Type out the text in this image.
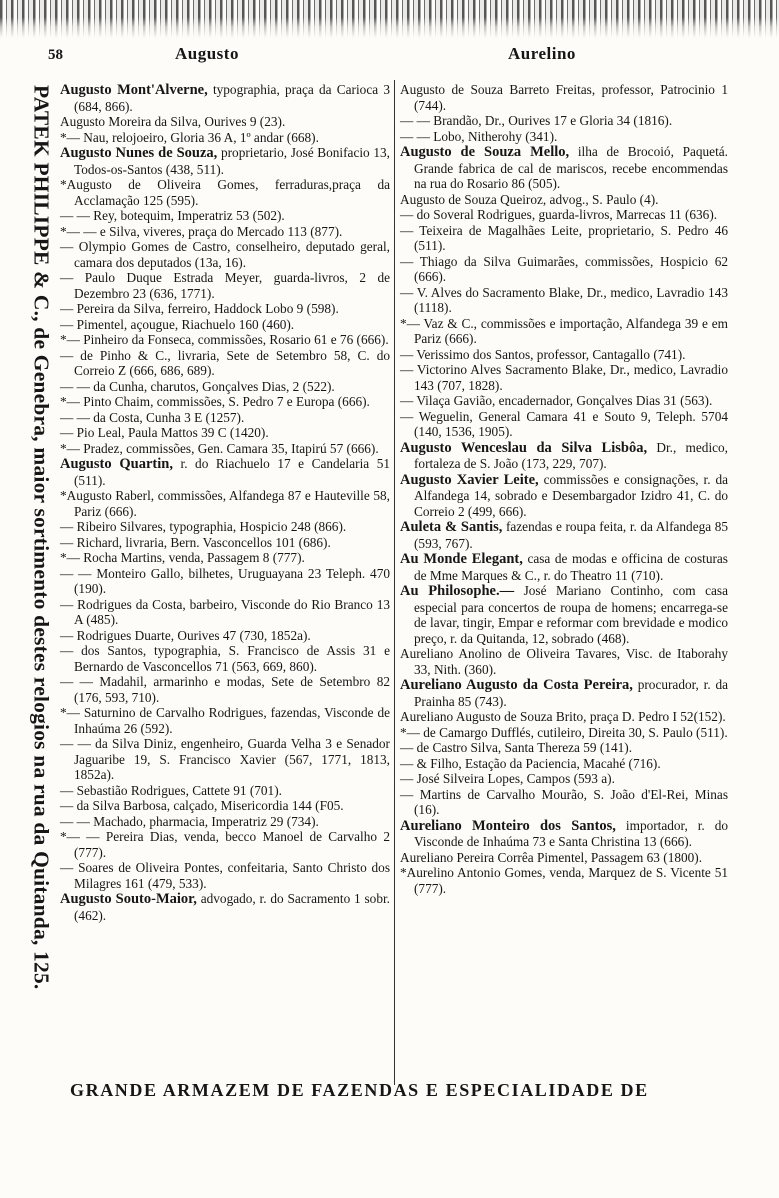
58	Augusto	Aurelino
PATEK PHILIPPE & C., de Genebra, maior sortimento destes relogios na rua da Quitanda, 125. Augusto Mont'Alverne, typographia, praça da Carioca 3 (684, 866).

Augusto Moreira da Silva, Ourives 9 (23).

*— Nau, relojoeiro, Gloria 36 A, 1º andar (668).

Augusto Nunes de Souza, proprietario, José Bonifacio 13, Todos-os-Santos (438, 511).

*Augusto de Oliveira Gomes, ferraduras,praça da Acclamação 125 (595).

— — Rey, botequim, Imperatriz 53 (502).

*— — e Silva, viveres, praça do Mercado 113 (877).

— Olympio Gomes de Castro, conselheiro, deputado geral, camara dos deputados (13a, 16).

— Paulo Duque Estrada Meyer, guarda-livros, 2 de Dezembro 23 (636, 1771).

— Pereira da Silva, ferreiro, Haddock Lobo 9 (598).

— Pimentel, açougue, Riachuelo 160 (460).

*— Pinheiro da Fonseca, commissões, Rosario 61 e 76 (666).

— de Pinho & C., livraria, Sete de Setembro 58, C. do Correio Z (666, 686, 689).

— — da Cunha, charutos, Gonçalves Dias, 2 (522).

*— Pinto Chaim, commissões, S. Pedro 7 e Europa (666).

— — da Costa, Cunha 3 E (1257).

— Pio Leal, Paula Mattos 39 C (1420).

*— Pradez, commissões, Gen. Camara 35, Itapirú 57 (666).

Augusto Quartin, r. do Riachuelo 17 e Candelaria 51 (511).

*Augusto Raberl, commissões, Alfandega 87 e Hauteville 58, Pariz (666).

— Ribeiro Silvares, typographia, Hospicio 248 (866).

— Richard, livraria, Bern. Vasconcellos 101 (686).

*— Rocha Martins, venda, Passagem 8 (777).

— — Monteiro Gallo, bilhetes, Uruguayana 23 Teleph. 470 (190).

— Rodrigues da Costa, barbeiro, Visconde do Rio Branco 13 A (485).

— Rodrigues Duarte, Ourives 47 (730, 1852a).

— dos Santos, typographia, S. Francisco de Assis 31 e Bernardo de Vasconcellos 71 (563, 669, 860).

— — Madahil, armarinho e modas, Sete de Setembro 82 (176, 593, 710).

*— Saturnino de Carvalho Rodrigues, fazendas, Visconde de Inhaúma 26 (592).

— — da Silva Diniz, engenheiro, Guarda Velha 3 e Senador Jaguaribe 19, S. Francisco Xavier (567, 1771, 1813, 1852a).

— Sebastião Rodrigues, Cattete 91 (701).

— da Silva Barbosa, calçado, Misericordia 144 (F05.

— — Machado, pharmacia, Imperatriz 29 (734).

*— — Pereira Dias, venda, becco Manoel de Carvalho 2 (777).

— Soares de Oliveira Pontes, confeitaria, Santo Christo dos Milagres 161 (479, 533).

Augusto Souto-Maior, advogado, r. do Sacramento 1 sobr. (462).

Augusto de Souza Barreto Freitas, professor, Patrocinio 1 (744).

— — Brandão, Dr., Ourives 17 e Gloria 34 (1816).

— — Lobo, Nitherohy (341).

Augusto de Souza Mello, ilha de Brocoió, Paquetá. Grande fabrica de cal de mariscos, recebe encommendas na rua do Rosario 86 (505).

Augusto de Souza Queiroz, advog., S. Paulo (4).

— do Soveral Rodrigues, guarda-livros, Marrecas 11 (636).

— Teixeira de Magalhães Leite, proprietario, S. Pedro 46 (511).

— Thiago da Silva Guimarães, commissões, Hospicio 62 (666).

— V. Alves do Sacramento Blake, Dr., medico, Lavradio 143 (1118).

*— Vaz & C., commissões e importação, Alfandega 39 e em Pariz (666).

— Verissimo dos Santos, professor, Cantagallo (741).

— Victorino Alves Sacramento Blake, Dr., medico, Lavradio 143 (707, 1828).

— Vilaça Gavião, encadernador, Gonçalves Dias 31 (563).

— Weguelin, General Camara 41 e Souto 9, Teleph. 5704 (140, 1536, 1905).

Augusto Wenceslau da Silva Lisbôa, Dr., medico, fortaleza de S. João (173, 229, 707).

Augusto Xavier Leite, commissões e consignações, r. da Alfandega 14, sobrado e Desembargador Izidro 41, C. do Correio 2 (499, 666).

Auleta & Santis, fazendas e roupa feita, r. da Alfandega 85 (593, 767).

Au Monde Elegant, casa de modas e officina de costuras de Mme Marques & C., r. do Theatro 11 (710).

Au Philosophe.— José Mariano Continho, com casa especial para concertos de roupa de homens; encarrega-se de lavar, tingir, Empar e reformar com brevidade e modico preço, r. da Quitanda, 12, sobrado (468).

Aureliano Anolino de Oliveira Tavares, Visc. de Itaborahy 33, Nith. (360).

Aureliano Augusto da Costa Pereira, procurador, r. da Prainha 85 (743).

Aureliano Augusto de Souza Brito, praça D. Pedro I 52(152).

*— de Camargo Dufflés, cutileiro, Direita 30, S. Paulo (511).

— de Castro Silva, Santa Thereza 59 (141).

— & Filho, Estação da Paciencia, Macahé (716).

— José Silveira Lopes, Campos (593 a).

— Martins de Carvalho Mourão, S. João d'El-Rei, Minas (16).

Aureliano Monteiro dos Santos, importador, r. do Visconde de Inhaúma 73 e Santa Christina 13 (666).

Aureliano Pereira Corrêa Pimentel, Passagem 63 (1800).

*Aurelino Antonio Gomes, venda, Marquez de S. Vicente 51 (777).

GRANDE ARMAZEM DE FAZENDAS E ESPECIALIDADE DE
